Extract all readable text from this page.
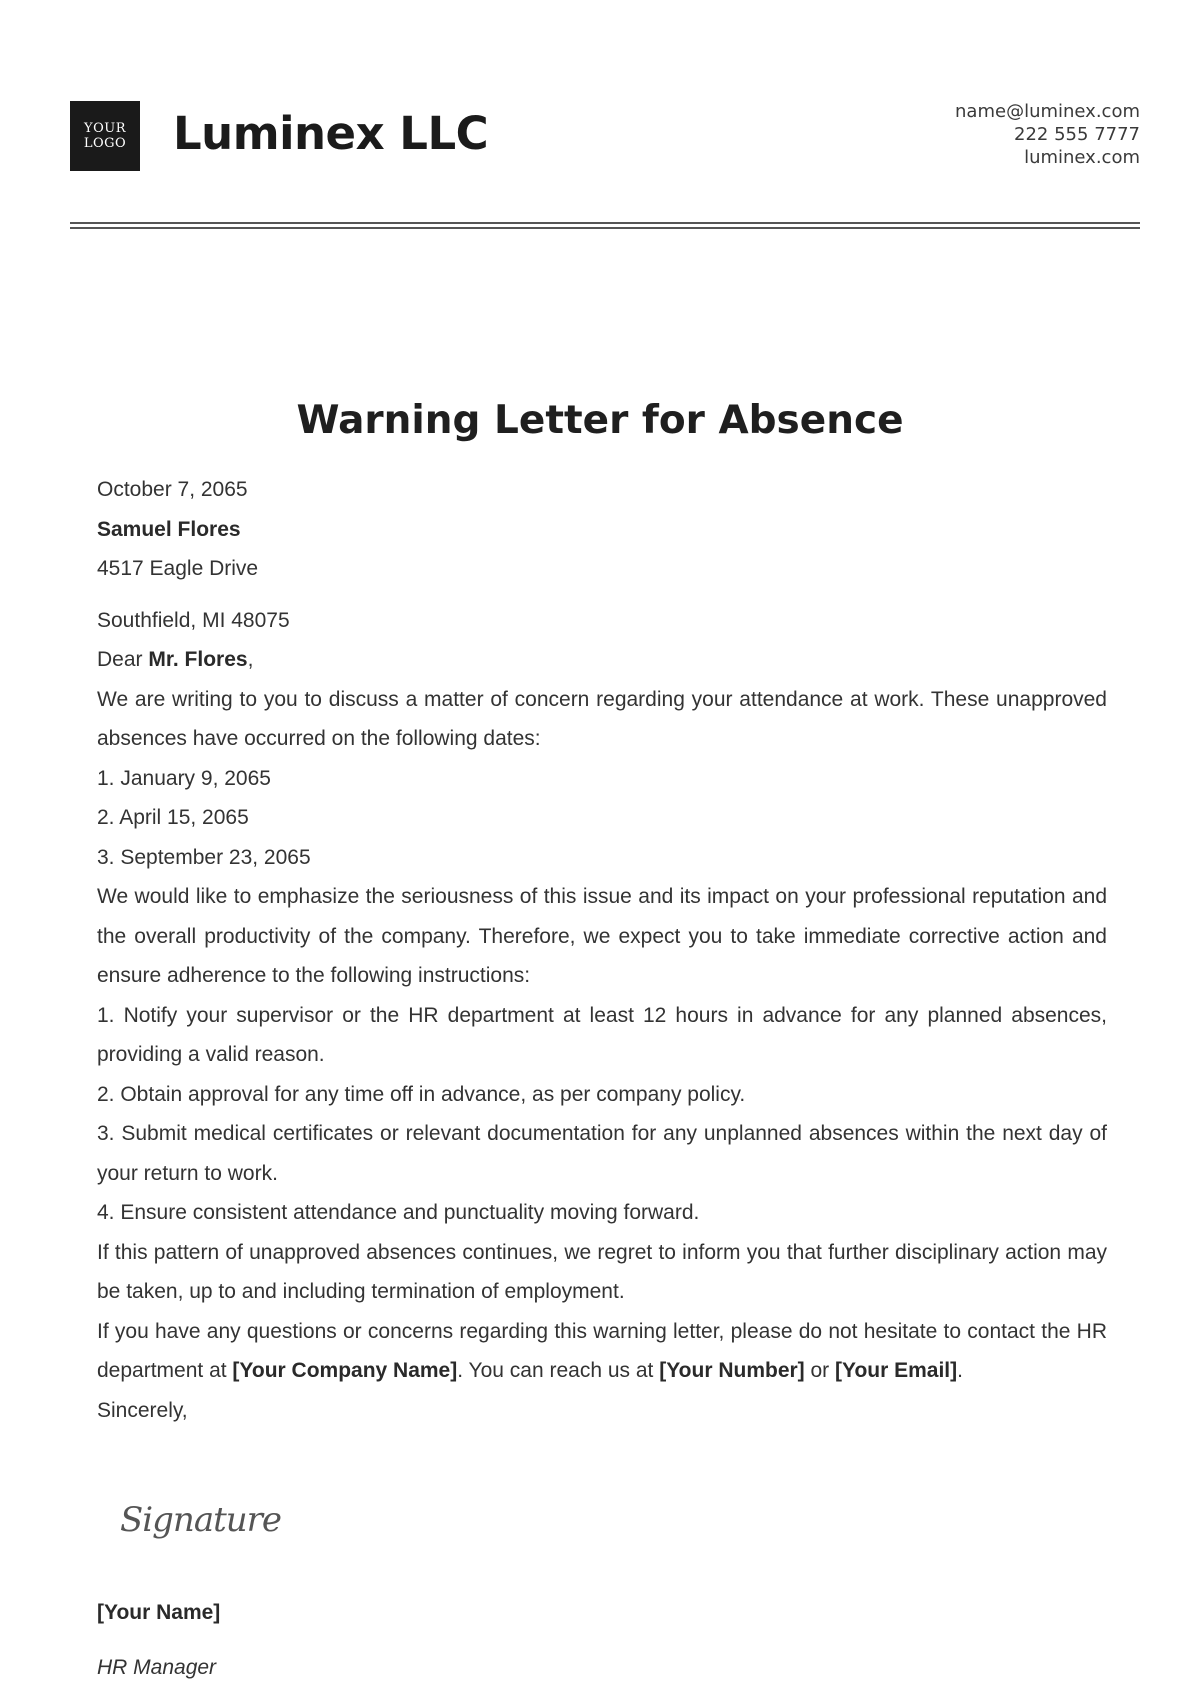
YOUR
LOGO	Luminex LLC	name@luminex.com
222 555 7777
luminex.com
Warning Letter for Absence

October 7, 2065

Samuel Flores

4517 Eagle Drive

Southfield, MI 48075

Dear Mr. Flores,

We are writing to you to discuss a matter of concern regarding your attendance at work. These unapproved absences have occurred on the following dates:

1. January 9, 2065

2. April 15, 2065

3. September 23, 2065

We would like to emphasize the seriousness of this issue and its impact on your professional reputation and the overall productivity of the company. Therefore, we expect you to take immediate corrective action and ensure adherence to the following instructions:

1. Notify your supervisor or the HR department at least 12 hours in advance for any planned absences, providing a valid reason.

2. Obtain approval for any time off in advance, as per company policy.

3. Submit medical certificates or relevant documentation for any unplanned absences within the next day of your return to work.

4. Ensure consistent attendance and punctuality moving forward.

If this pattern of unapproved absences continues, we regret to inform you that further disciplinary action may be taken, up to and including termination of employment.

If you have any questions or concerns regarding this warning letter, please do not hesitate to contact the HR department at [Your Company Name]. You can reach us at [Your Number] or [Your Email].

Sincerely,

Signature
[Your Name]
HR Manager
